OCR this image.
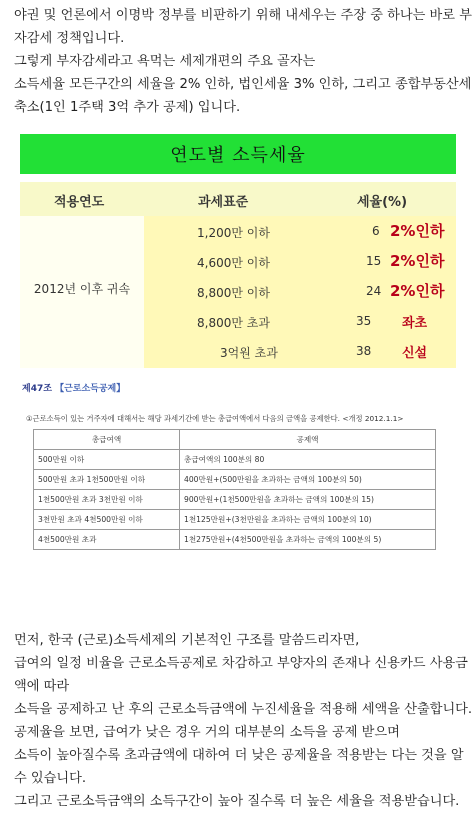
야권 및 언론에서 이명박 정부를 비판하기 위해 내세우는 주장 중 하나는 바로 부
자감세 정책입니다.
그렇게 부자감세라고 욕먹는 세제개편의 주요 골자는
소득세율 모든구간의 세율을 2% 인하, 법인세율 3% 인하, 그리고 종합부동산세
축소(1인 1주택 3억 추가 공제) 입니다.
연도별 소득세율
적용연도	과세표준	세율(%)
2012년 이후 귀속
1,200만 이하	6 2%인하
4,600만 이하	15 2%인하
8,800만 이하	24 2%인하
8,800만 초과	35 좌초
3억원 초과	38 신설
제47조 【근로소득공제】
①근로소득이 있는 거주자에 대해서는 해당 과세기간에 받는 총급여액에서 다음의 금액을 공제한다. <개정 2012.1.1>
총급여액	공제액
500만원 이하	총급여액의 100분의 80
500만원 초과 1천500만원 이하	400만원+(500만원을 초과하는 금액의 100분의 50)
1천500만원 초과 3천만원 이하	900만원+(1천500만원을 초과하는 금액의 100분의 15)
3천만원 초과 4천500만원 이하	1천125만원+(3천만원을 초과하는 금액의 100분의 10)
4천500만원 초과	1천275만원+(4천500만원을 초과하는 금액의 100분의 5)
먼저, 한국 (근로)소득세제의 기본적인 구조를 말씀드리자면,
급여의 일정 비율을 근로소득공제로 차감하고 부양자의 존재나 신용카드 사용금
액에 따라
소득을 공제하고 난 후의 근로소득금액에 누진세율을 적용해 세액을 산출합니다.
공제율을 보면, 급여가 낮은 경우 거의 대부분의 소득을 공제 받으며
소득이 높아질수록 초과금액에 대하여 더 낮은 공제율을 적용받는 다는 것을 알
수 있습니다.
그리고 근로소득금액의 소득구간이 높아 질수록 더 높은 세율을 적용받습니다.
